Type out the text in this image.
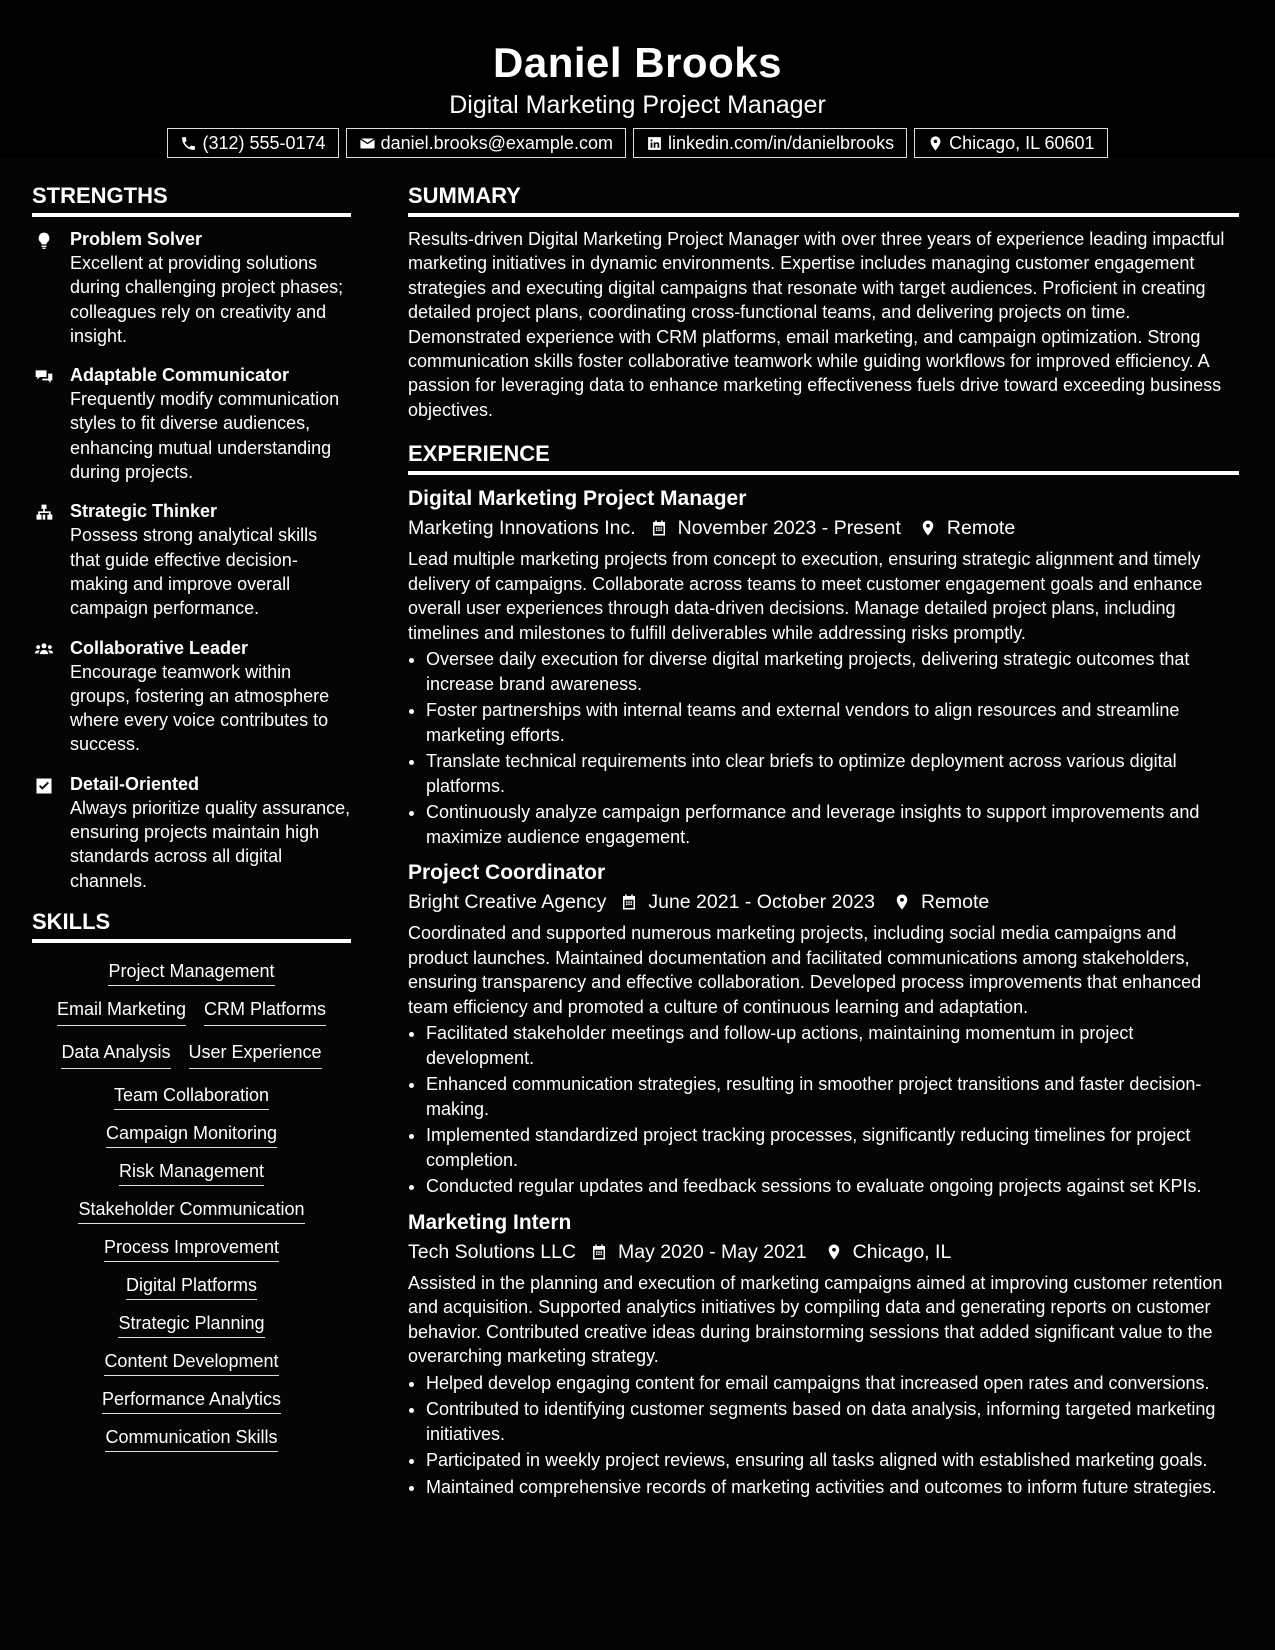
Daniel Brooks
Digital Marketing Project Manager
(312) 555-0174	daniel.brooks@example.com	linkedin.com/in/danielbrooks	Chicago, IL 60601
STRENGTHS
Problem Solver
Excellent at providing solutions during challenging project phases; colleagues rely on creativity and insight.
Adaptable Communicator
Frequently modify communication styles to fit diverse audiences, enhancing mutual understanding during projects.
Strategic Thinker
Possess strong analytical skills that guide effective decision-making and improve overall campaign performance.
Collaborative Leader
Encourage teamwork within groups, fostering an atmosphere where every voice contributes to success.
Detail-Oriented
Always prioritize quality assurance, ensuring projects maintain high standards across all digital channels.
SKILLS
Project Management
Email Marketing CRM Platforms
Data Analysis User Experience
Team Collaboration
Campaign Monitoring
Risk Management
Stakeholder Communication
Process Improvement
Digital Platforms
Strategic Planning
Content Development
Performance Analytics
Communication Skills
SUMMARY
Results-driven Digital Marketing Project Manager with over three years of experience leading impactful marketing initiatives in dynamic environments. Expertise includes managing customer engagement strategies and executing digital campaigns that resonate with target audiences. Proficient in creating detailed project plans, coordinating cross-functional teams, and delivering projects on time. Demonstrated experience with CRM platforms, email marketing, and campaign optimization. Strong communication skills foster collaborative teamwork while guiding workflows for improved efficiency. A passion for leveraging data to enhance marketing effectiveness fuels drive toward exceeding business objectives.
EXPERIENCE
Digital Marketing Project Manager
Marketing Innovations Inc. November 2023 - Present Remote
Lead multiple marketing projects from concept to execution, ensuring strategic alignment and timely delivery of campaigns. Collaborate across teams to meet customer engagement goals and enhance overall user experiences through data-driven decisions. Manage detailed project plans, including timelines and milestones to fulfill deliverables while addressing risks promptly.
• Oversee daily execution for diverse digital marketing projects, delivering strategic outcomes that increase brand awareness.
• Foster partnerships with internal teams and external vendors to align resources and streamline marketing efforts.
• Translate technical requirements into clear briefs to optimize deployment across various digital platforms.
• Continuously analyze campaign performance and leverage insights to support improvements and maximize audience engagement.
Project Coordinator
Bright Creative Agency June 2021 - October 2023 Remote
Coordinated and supported numerous marketing projects, including social media campaigns and product launches. Maintained documentation and facilitated communications among stakeholders, ensuring transparency and effective collaboration. Developed process improvements that enhanced team efficiency and promoted a culture of continuous learning and adaptation.
• Facilitated stakeholder meetings and follow-up actions, maintaining momentum in project development.
• Enhanced communication strategies, resulting in smoother project transitions and faster decision-making.
• Implemented standardized project tracking processes, significantly reducing timelines for project completion.
• Conducted regular updates and feedback sessions to evaluate ongoing projects against set KPIs.
Marketing Intern
Tech Solutions LLC May 2020 - May 2021 Chicago, IL
Assisted in the planning and execution of marketing campaigns aimed at improving customer retention and acquisition. Supported analytics initiatives by compiling data and generating reports on customer behavior. Contributed creative ideas during brainstorming sessions that added significant value to the overarching marketing strategy.
• Helped develop engaging content for email campaigns that increased open rates and conversions.
• Contributed to identifying customer segments based on data analysis, informing targeted marketing initiatives.
• Participated in weekly project reviews, ensuring all tasks aligned with established marketing goals.
• Maintained comprehensive records of marketing activities and outcomes to inform future strategies.
